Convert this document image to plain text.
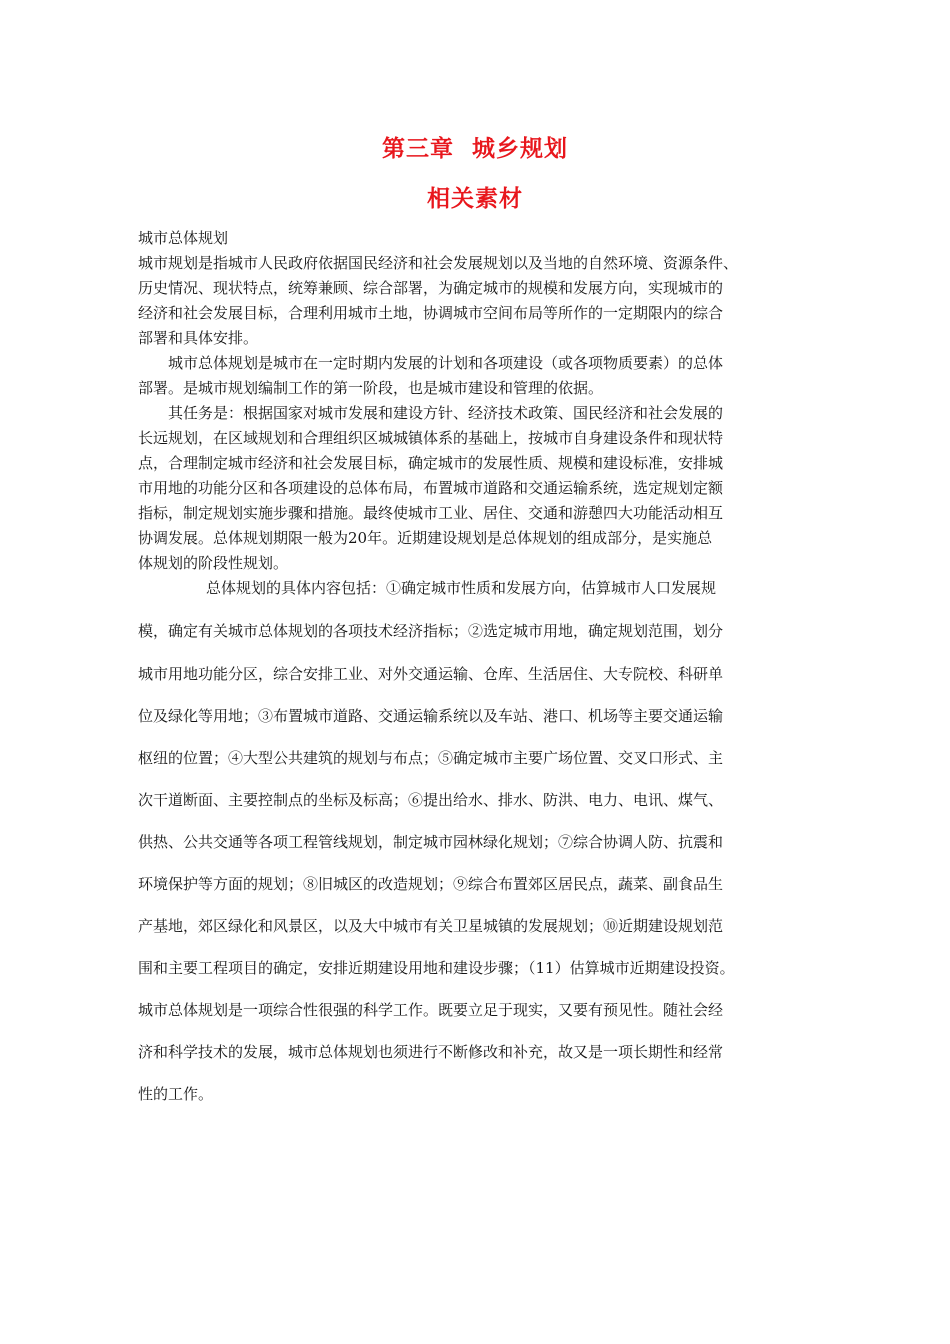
第三章  城乡规划
相关素材
城市总体规划
城市规划是指城市人民政府依据国民经济和社会发展规划以及当地的自然环境、资源条件、
历史情况、现状特点，统筹兼顾、综合部署，为确定城市的规模和发展方向，实现城市的
经济和社会发展目标，合理利用城市土地，协调城市空间布局等所作的一定期限内的综合
部署和具体安排。
城市总体规划是城市在一定时期内发展的计划和各项建设（或各项物质要素）的总体
部署。是城市规划编制工作的第一阶段，也是城市建设和管理的依据。
其任务是：根据国家对城市发展和建设方针、经济技术政策、国民经济和社会发展的
长远规划，在区域规划和合理组织区城城镇体系的基础上，按城市自身建设条件和现状特
点，合理制定城市经济和社会发展目标，确定城市的发展性质、规模和建设标准，安排城
市用地的功能分区和各项建设的总体布局，布置城市道路和交通运输系统，选定规划定额
指标，制定规划实施步骤和措施。最终使城市工业、居住、交通和游憩四大功能活动相互
协调发展。总体规划期限一般为20年。近期建设规划是总体规划的组成部分，是实施总
体规划的阶段性规划。
总体规划的具体内容包括：①确定城市性质和发展方向，估算城市人口发展规
模，确定有关城市总体规划的各项技术经济指标；②选定城市用地，确定规划范围，划分
城市用地功能分区，综合安排工业、对外交通运输、仓库、生活居住、大专院校、科研单
位及绿化等用地；③布置城市道路、交通运输系统以及车站、港口、机场等主要交通运输
枢纽的位置；④大型公共建筑的规划与布点；⑤确定城市主要广场位置、交叉口形式、主
次干道断面、主要控制点的坐标及标高；⑥提出给水、排水、防洪、电力、电讯、煤气、
供热、公共交通等各项工程管线规划，制定城市园林绿化规划；⑦综合协调人防、抗震和
环境保护等方面的规划；⑧旧城区的改造规划；⑨综合布置郊区居民点，蔬菜、副食品生
产基地，郊区绿化和风景区，以及大中城市有关卫星城镇的发展规划；⑩近期建设规划范
围和主要工程项目的确定，安排近期建设用地和建设步骤；（11）估算城市近期建设投资。
城市总体规划是一项综合性很强的科学工作。既要立足于现实，又要有预见性。随社会经
济和科学技术的发展，城市总体规划也须进行不断修改和补充，故又是一项长期性和经常
性的工作。
